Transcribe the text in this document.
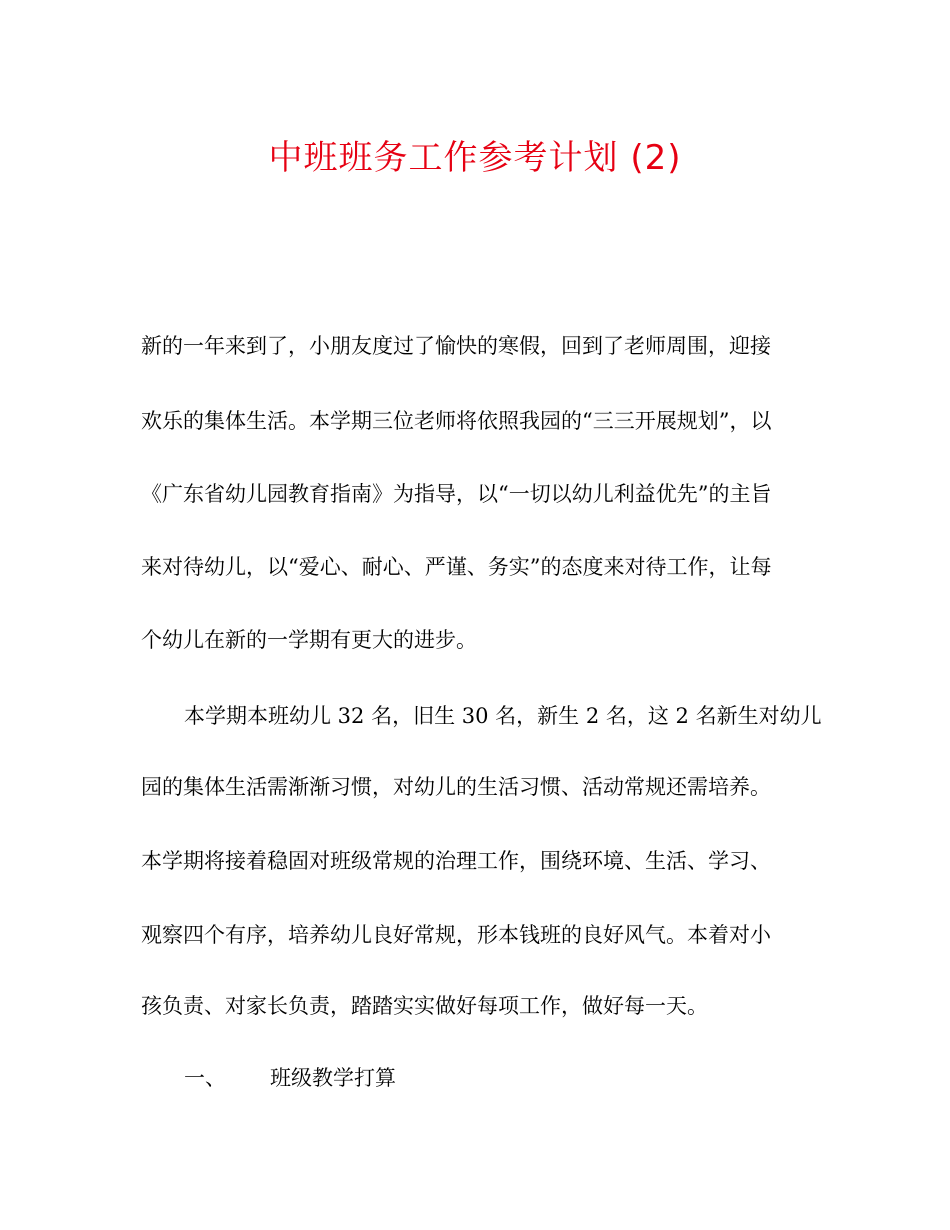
中班班务工作参考计划 (2)

新的一年来到了，小朋友度过了愉快的寒假，回到了老师周围，迎接

欢乐的集体生活。本学期三位老师将依照我园的“三三开展规划”，以

《广东省幼儿园教育指南》为指导，以“一切以幼儿利益优先”的主旨

来对待幼儿，以“爱心、耐心、严谨、务实”的态度来对待工作，让每

个幼儿在新的一学期有更大的进步。

本学期本班幼儿 32 名，旧生 30 名，新生 2 名，这 2 名新生对幼儿

园的集体生活需渐渐习惯，对幼儿的生活习惯、活动常规还需培养。

本学期将接着稳固对班级常规的治理工作，围绕环境、生活、学习、

观察四个有序，培养幼儿良好常规，形本钱班的良好风气。本着对小

孩负责、对家长负责，踏踏实实做好每项工作，做好每一天。

一、 班级教学打算
